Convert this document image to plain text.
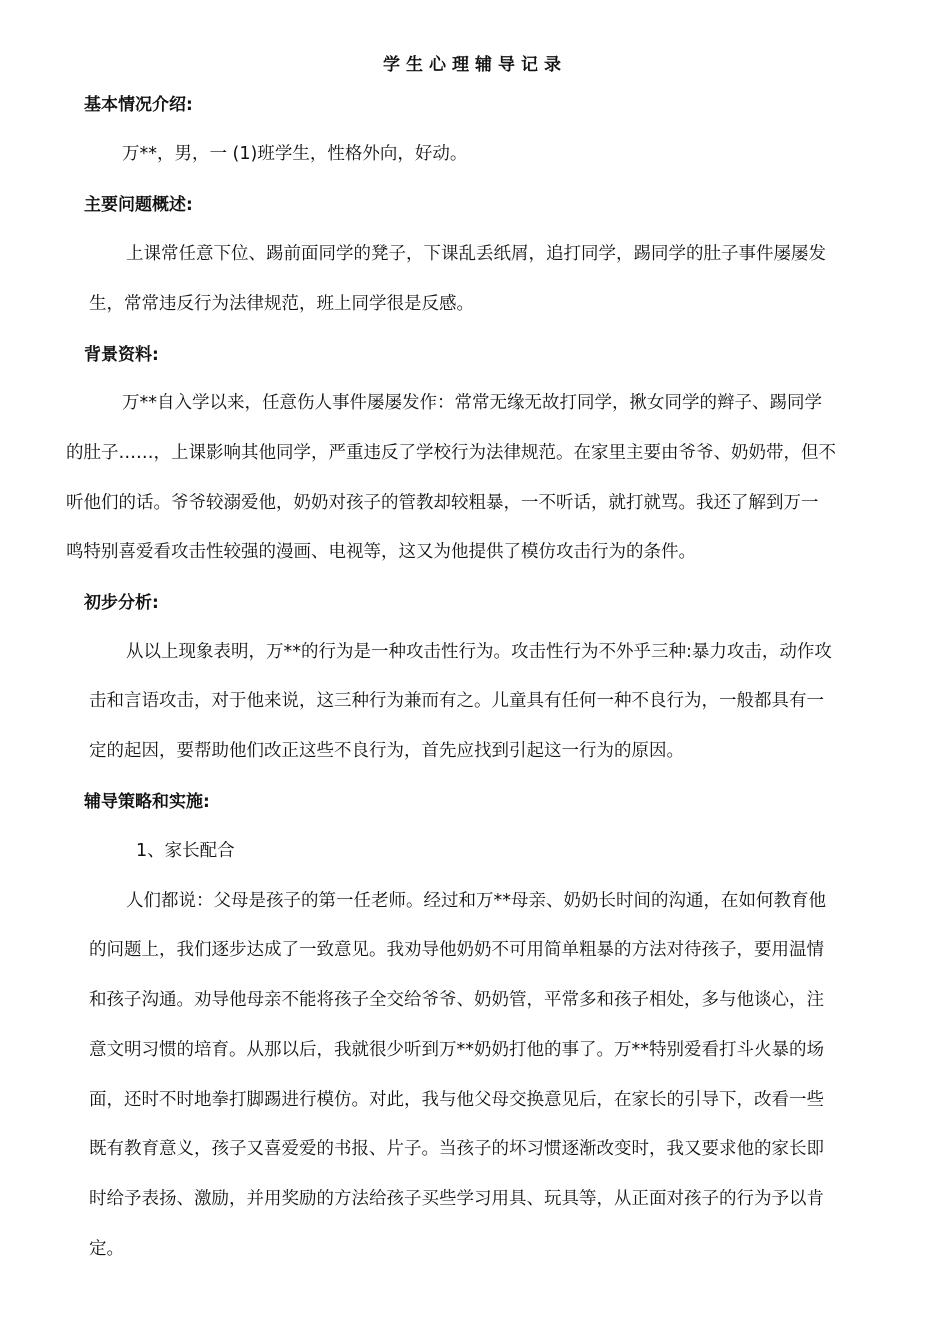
学生心理辅导记录
基本情况介绍:
万**，男，一 (1)班学生，性格外向，好动。
主要问题概述:
上课常任意下位、踢前面同学的凳子，下课乱丢纸屑，追打同学，踢同学的肚子事件屡屡发
生，常常违反行为法律规范，班上同学很是反感。
背景资料:
万**自入学以来，任意伤人事件屡屡发作：常常无缘无故打同学，揪女同学的辫子、踢同学
的肚子……，上课影响其他同学，严重违反了学校行为法律规范。在家里主要由爷爷、奶奶带，但不
听他们的话。爷爷较溺爱他，奶奶对孩子的管教却较粗暴，一不听话，就打就骂。我还了解到万一
鸣特别喜爱看攻击性较强的漫画、电视等，这又为他提供了模仿攻击行为的条件。
初步分析:
从以上现象表明，万**的行为是一种攻击性行为。攻击性行为不外乎三种:暴力攻击，动作攻
击和言语攻击，对于他来说，这三种行为兼而有之。儿童具有任何一种不良行为，一般都具有一
定的起因，要帮助他们改正这些不良行为，首先应找到引起这一行为的原因。
辅导策略和实施:
1、家长配合
人们都说：父母是孩子的第一任老师。经过和万**母亲、奶奶长时间的沟通，在如何教育他
的问题上，我们逐步达成了一致意见。我劝导他奶奶不可用简单粗暴的方法对待孩子，要用温情
和孩子沟通。劝导他母亲不能将孩子全交给爷爷、奶奶管，平常多和孩子相处，多与他谈心，注
意文明习惯的培育。从那以后，我就很少听到万**奶奶打他的事了。万**特别爱看打斗火暴的场
面，还时不时地拳打脚踢进行模仿。对此，我与他父母交换意见后，在家长的引导下，改看一些
既有教育意义，孩子又喜爱爱的书报、片子。当孩子的坏习惯逐渐改变时，我又要求他的家长即
时给予表扬、激励，并用奖励的方法给孩子买些学习用具、玩具等，从正面对孩子的行为予以肯
定。
